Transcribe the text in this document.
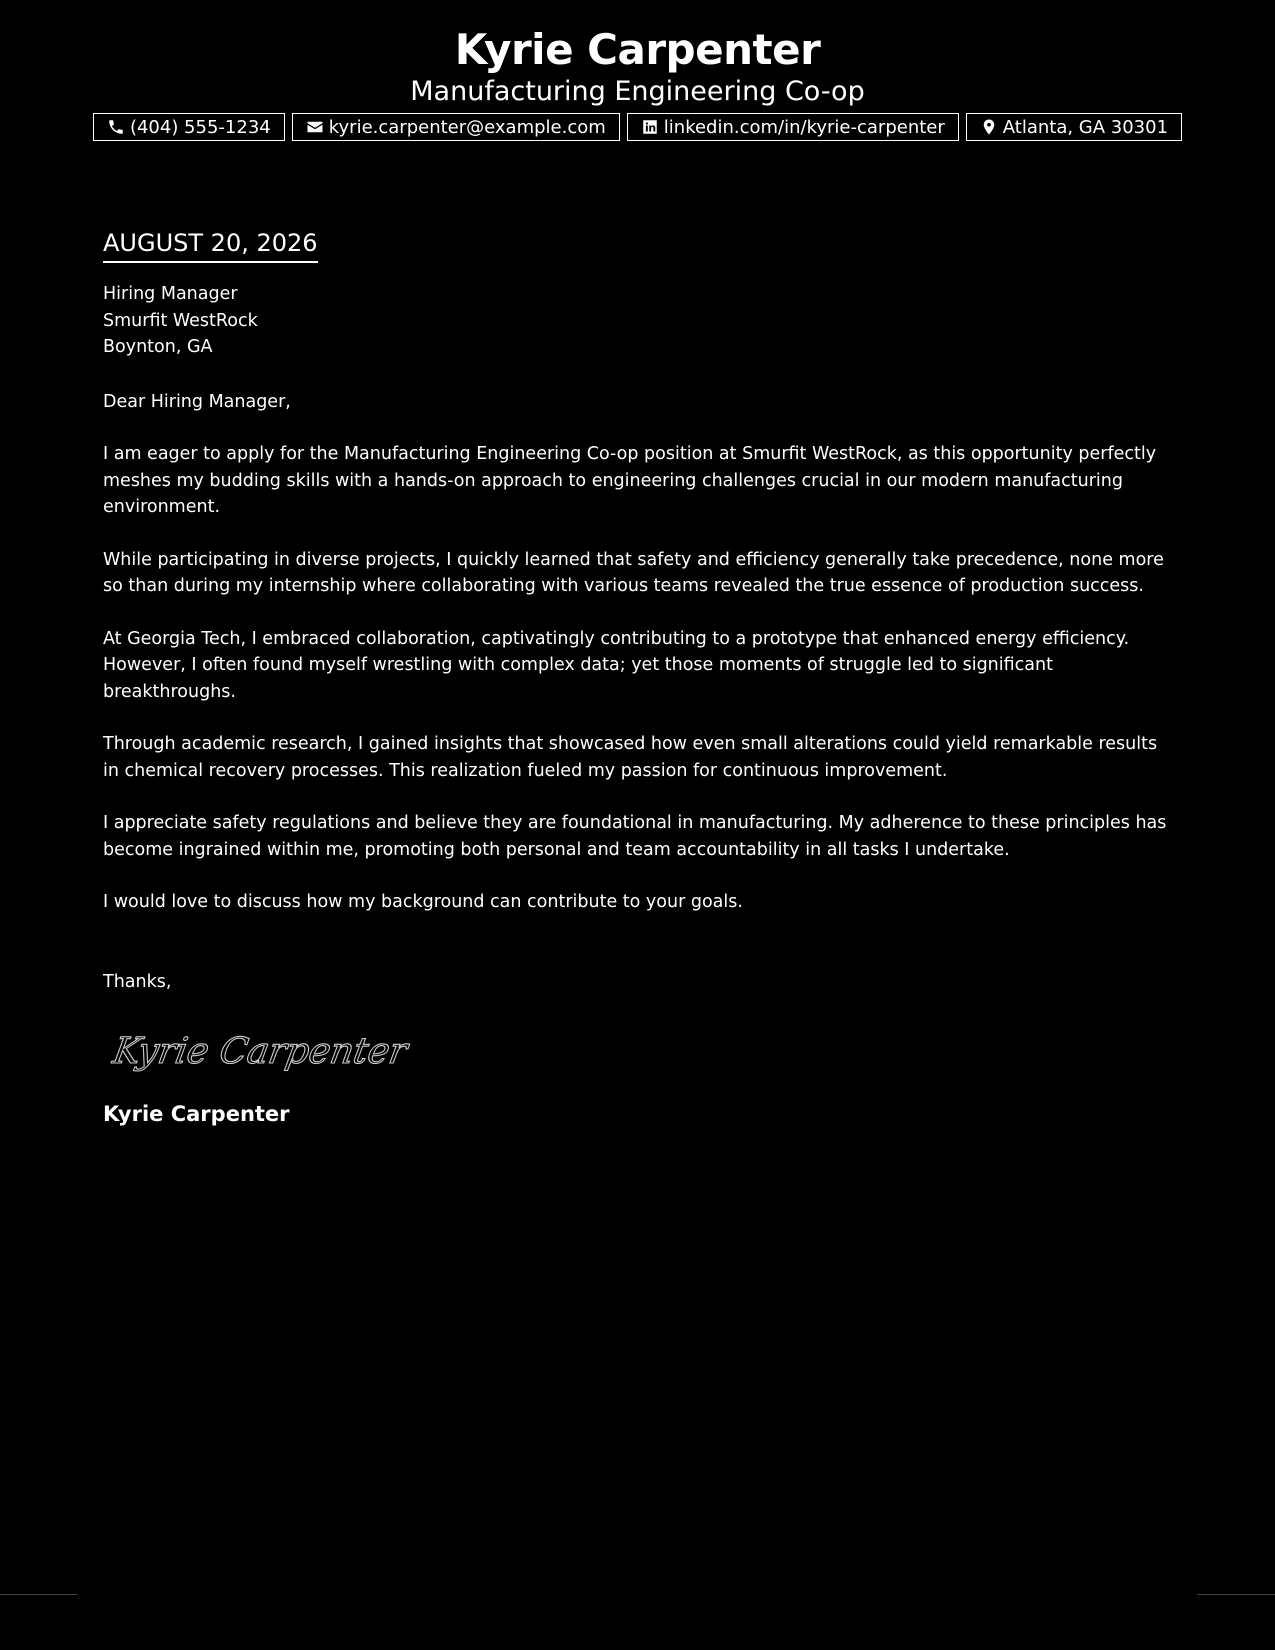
Kyrie Carpenter
Manufacturing Engineering Co-op
(404) 555-1234	kyrie.carpenter@example.com	linkedin.com/in/kyrie-carpenter	Atlanta, GA 30301
AUGUST 20, 2026
Hiring Manager
Smurfit WestRock
Boynton, GA
Dear Hiring Manager,
I am eager to apply for the Manufacturing Engineering Co-op position at Smurfit WestRock, as this opportunity perfectly meshes my budding skills with a hands-on approach to engineering challenges crucial in our modern manufacturing environment.
While participating in diverse projects, I quickly learned that safety and efficiency generally take precedence, none more so than during my internship where collaborating with various teams revealed the true essence of production success.
At Georgia Tech, I embraced collaboration, captivatingly contributing to a prototype that enhanced energy efficiency. However, I often found myself wrestling with complex data; yet those moments of struggle led to significant breakthroughs.
Through academic research, I gained insights that showcased how even small alterations could yield remarkable results in chemical recovery processes. This realization fueled my passion for continuous improvement.
I appreciate safety regulations and believe they are foundational in manufacturing. My adherence to these principles has become ingrained within me, promoting both personal and team accountability in all tasks I undertake.
I would love to discuss how my background can contribute to your goals.
Thanks,
Kyrie Carpenter
Kyrie Carpenter
